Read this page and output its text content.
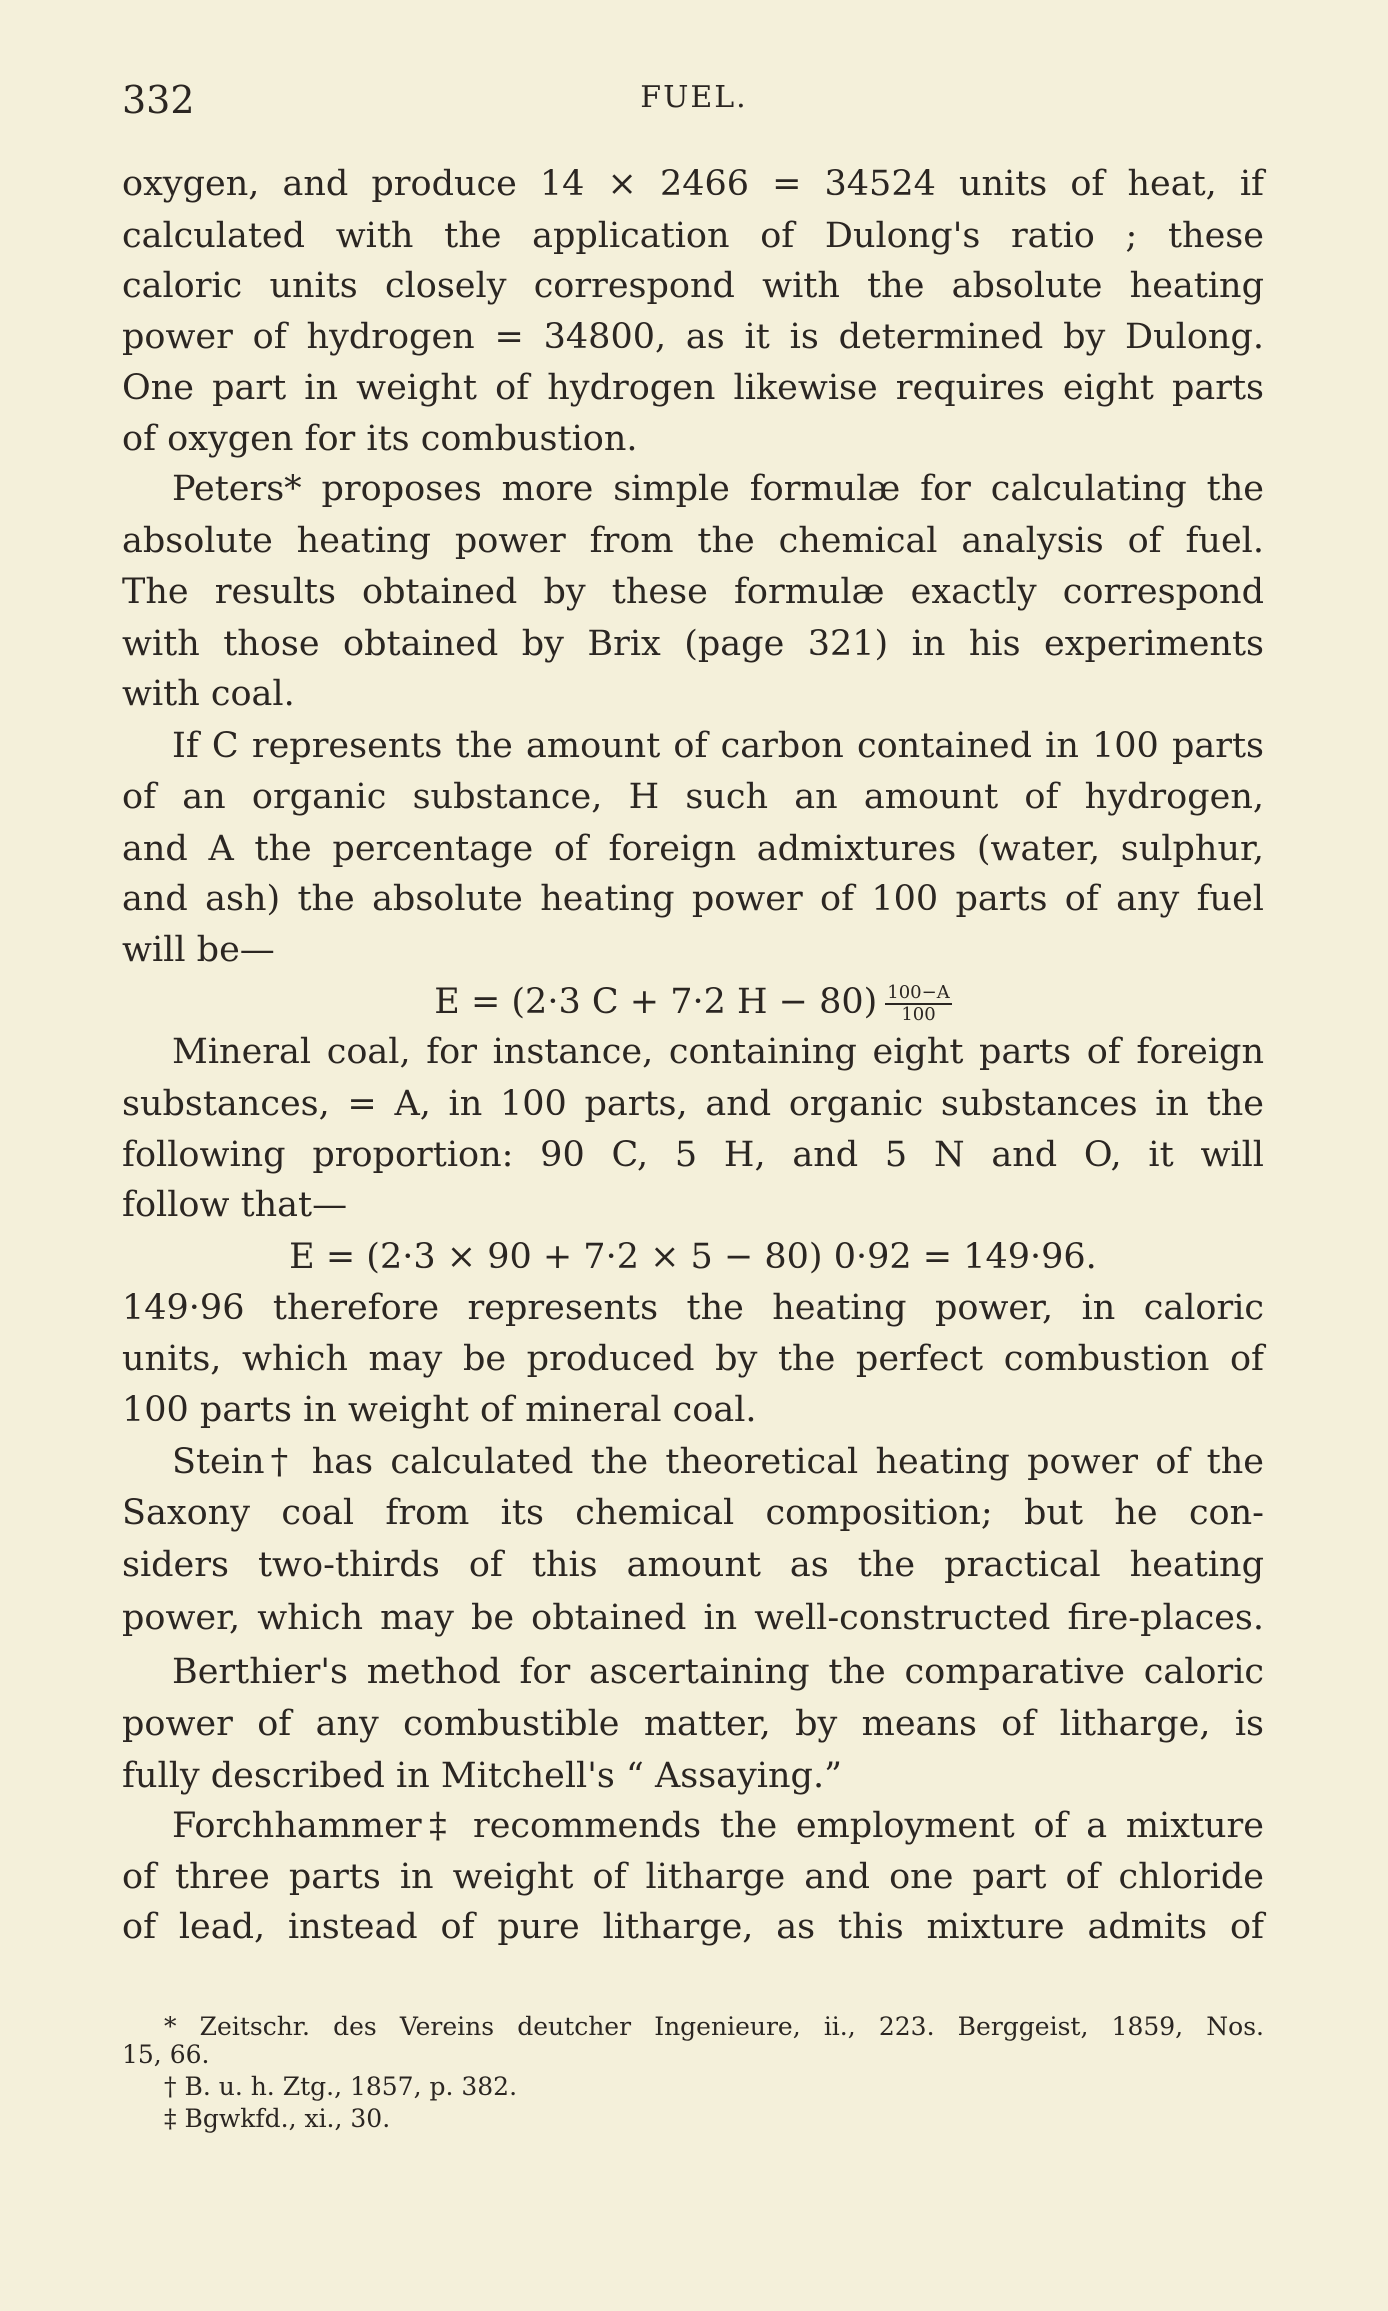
332	FUEL.
oxygen, and produce 14 × 2466 = 34524 units of heat, if
calculated with the application of Dulong's ratio ; these
caloric units closely correspond with the absolute heating
power of hydrogen = 34800, as it is determined by Dulong.
One part in weight of hydrogen likewise requires eight parts
of oxygen for its combustion.
Peters* proposes more simple formulæ for calculating the
absolute heating power from the chemical analysis of fuel.
The results obtained by these formulæ exactly correspond
with those obtained by Brix (page 321) in his experiments
with coal.
If C represents the amount of carbon contained in 100 parts
of an organic substance, H such an amount of hydrogen,
and A the percentage of foreign admixtures (water, sulphur,
and ash) the absolute heating power of 100 parts of any fuel
will be—
E = (2·3 C + 7·2 $H - 80) \frac{100-A}{100}$
Mineral coal, for instance, containing eight parts of foreign
substances, = A, in 100 parts, and organic substances in the
following proportion: 90 C, 5 H, and 5 N and O, it will
follow that—
E = (2·3 × 90 + 7·2 × 5 − 80) 0·92 = 149·96.
149·96 therefore represents the heating power, in caloric
units, which may be produced by the perfect combustion of
100 parts in weight of mineral coal.
Stein† has calculated the theoretical heating power of the
Saxony coal from its chemical composition; but he con-
siders two-thirds of this amount as the practical heating
power, which may be obtained in well-constructed fire-places.
Berthier's method for ascertaining the comparative caloric
power of any combustible matter, by means of litharge, is
fully described in Mitchell's “ Assaying.”
Forchhammer‡ recommends the employment of a mixture
of three parts in weight of litharge and one part of chloride
of lead, instead of pure litharge, as this mixture admits of
* Zeitschr. des Vereins deutcher Ingenieure, ii., 223. Berggeist, 1859, Nos.
15, 66.
† B. u. h. Ztg., 1857, p. 382.
‡ Bgwkfd., xi., 30.
